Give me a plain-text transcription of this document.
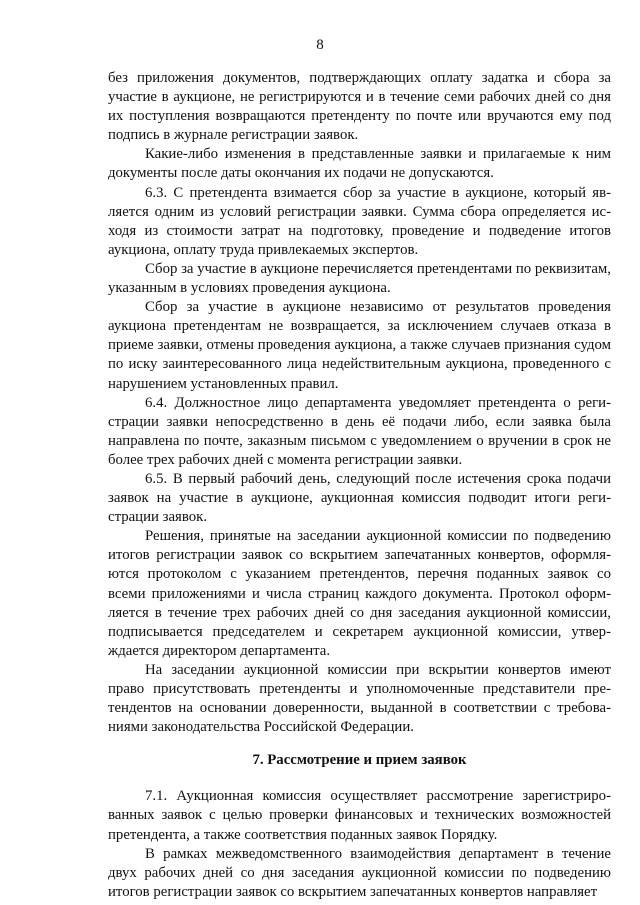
8

без приложения документов, подтверждающих оплату задатка и сбора за участие в аукционе, не регистрируются и в течение семи рабочих дней со дня их поступления возвращаются претенденту по почте или вручаются ему под подпись в журнале регистрации заявок.

Какие-либо изменения в представленные заявки и прилагаемые к ним документы после даты окончания их подачи не допускаются.

6.3. С претендента взимается сбор за участие в аукционе, который является одним из условий регистрации заявки. Сумма сбора определяется исходя из стоимости затрат на подготовку, проведение и подведение итогов аукциона, оплату труда привлекаемых экспертов.

Сбор за участие в аукционе перечисляется претендентами по реквизитам, указанным в условиях проведения аукциона.

Сбор за участие в аукционе независимо от результатов проведения аукциона претендентам не возвращается, за исключением случаев отказа в приеме заявки, отмены проведения аукциона, а также случаев признания судом по иску заинтересованного лица недействительным аукциона, проведенного с нарушением установленных правил.

6.4. Должностное лицо департамента уведомляет претендента о регистрации заявки непосредственно в день её подачи либо, если заявка была направлена по почте, заказным письмом с уведомлением о вручении в срок не более трех рабочих дней с момента регистрации заявки.

6.5. В первый рабочий день, следующий после истечения срока подачи заявок на участие в аукционе, аукционная комиссия подводит итоги регистрации заявок.

Решения, принятые на заседании аукционной комиссии по подведению итогов регистрации заявок со вскрытием запечатанных конвертов, оформляются протоколом с указанием претендентов, перечня поданных заявок со всеми приложениями и числа страниц каждого документа. Протокол оформляется в течение трех рабочих дней со дня заседания аукционной комиссии, подписывается председателем и секретарем аукционной комиссии, утверждается директором департамента.

На заседании аукционной комиссии при вскрытии конвертов имеют право присутствовать претенденты и уполномоченные представители претендентов на основании доверенности, выданной в соответствии с требованиями законодательства Российской Федерации.

7. Рассмотрение и прием заявок

7.1. Аукционная комиссия осуществляет рассмотрение зарегистрированных заявок с целью проверки финансовых и технических возможностей претендента, а также соответствия поданных заявок Порядку.

В рамках межведомственного взаимодействия департамент в течение двух рабочих дней со дня заседания аукционной комиссии по подведению итогов регистрации заявок со вскрытием запечатанных конвертов направляет
